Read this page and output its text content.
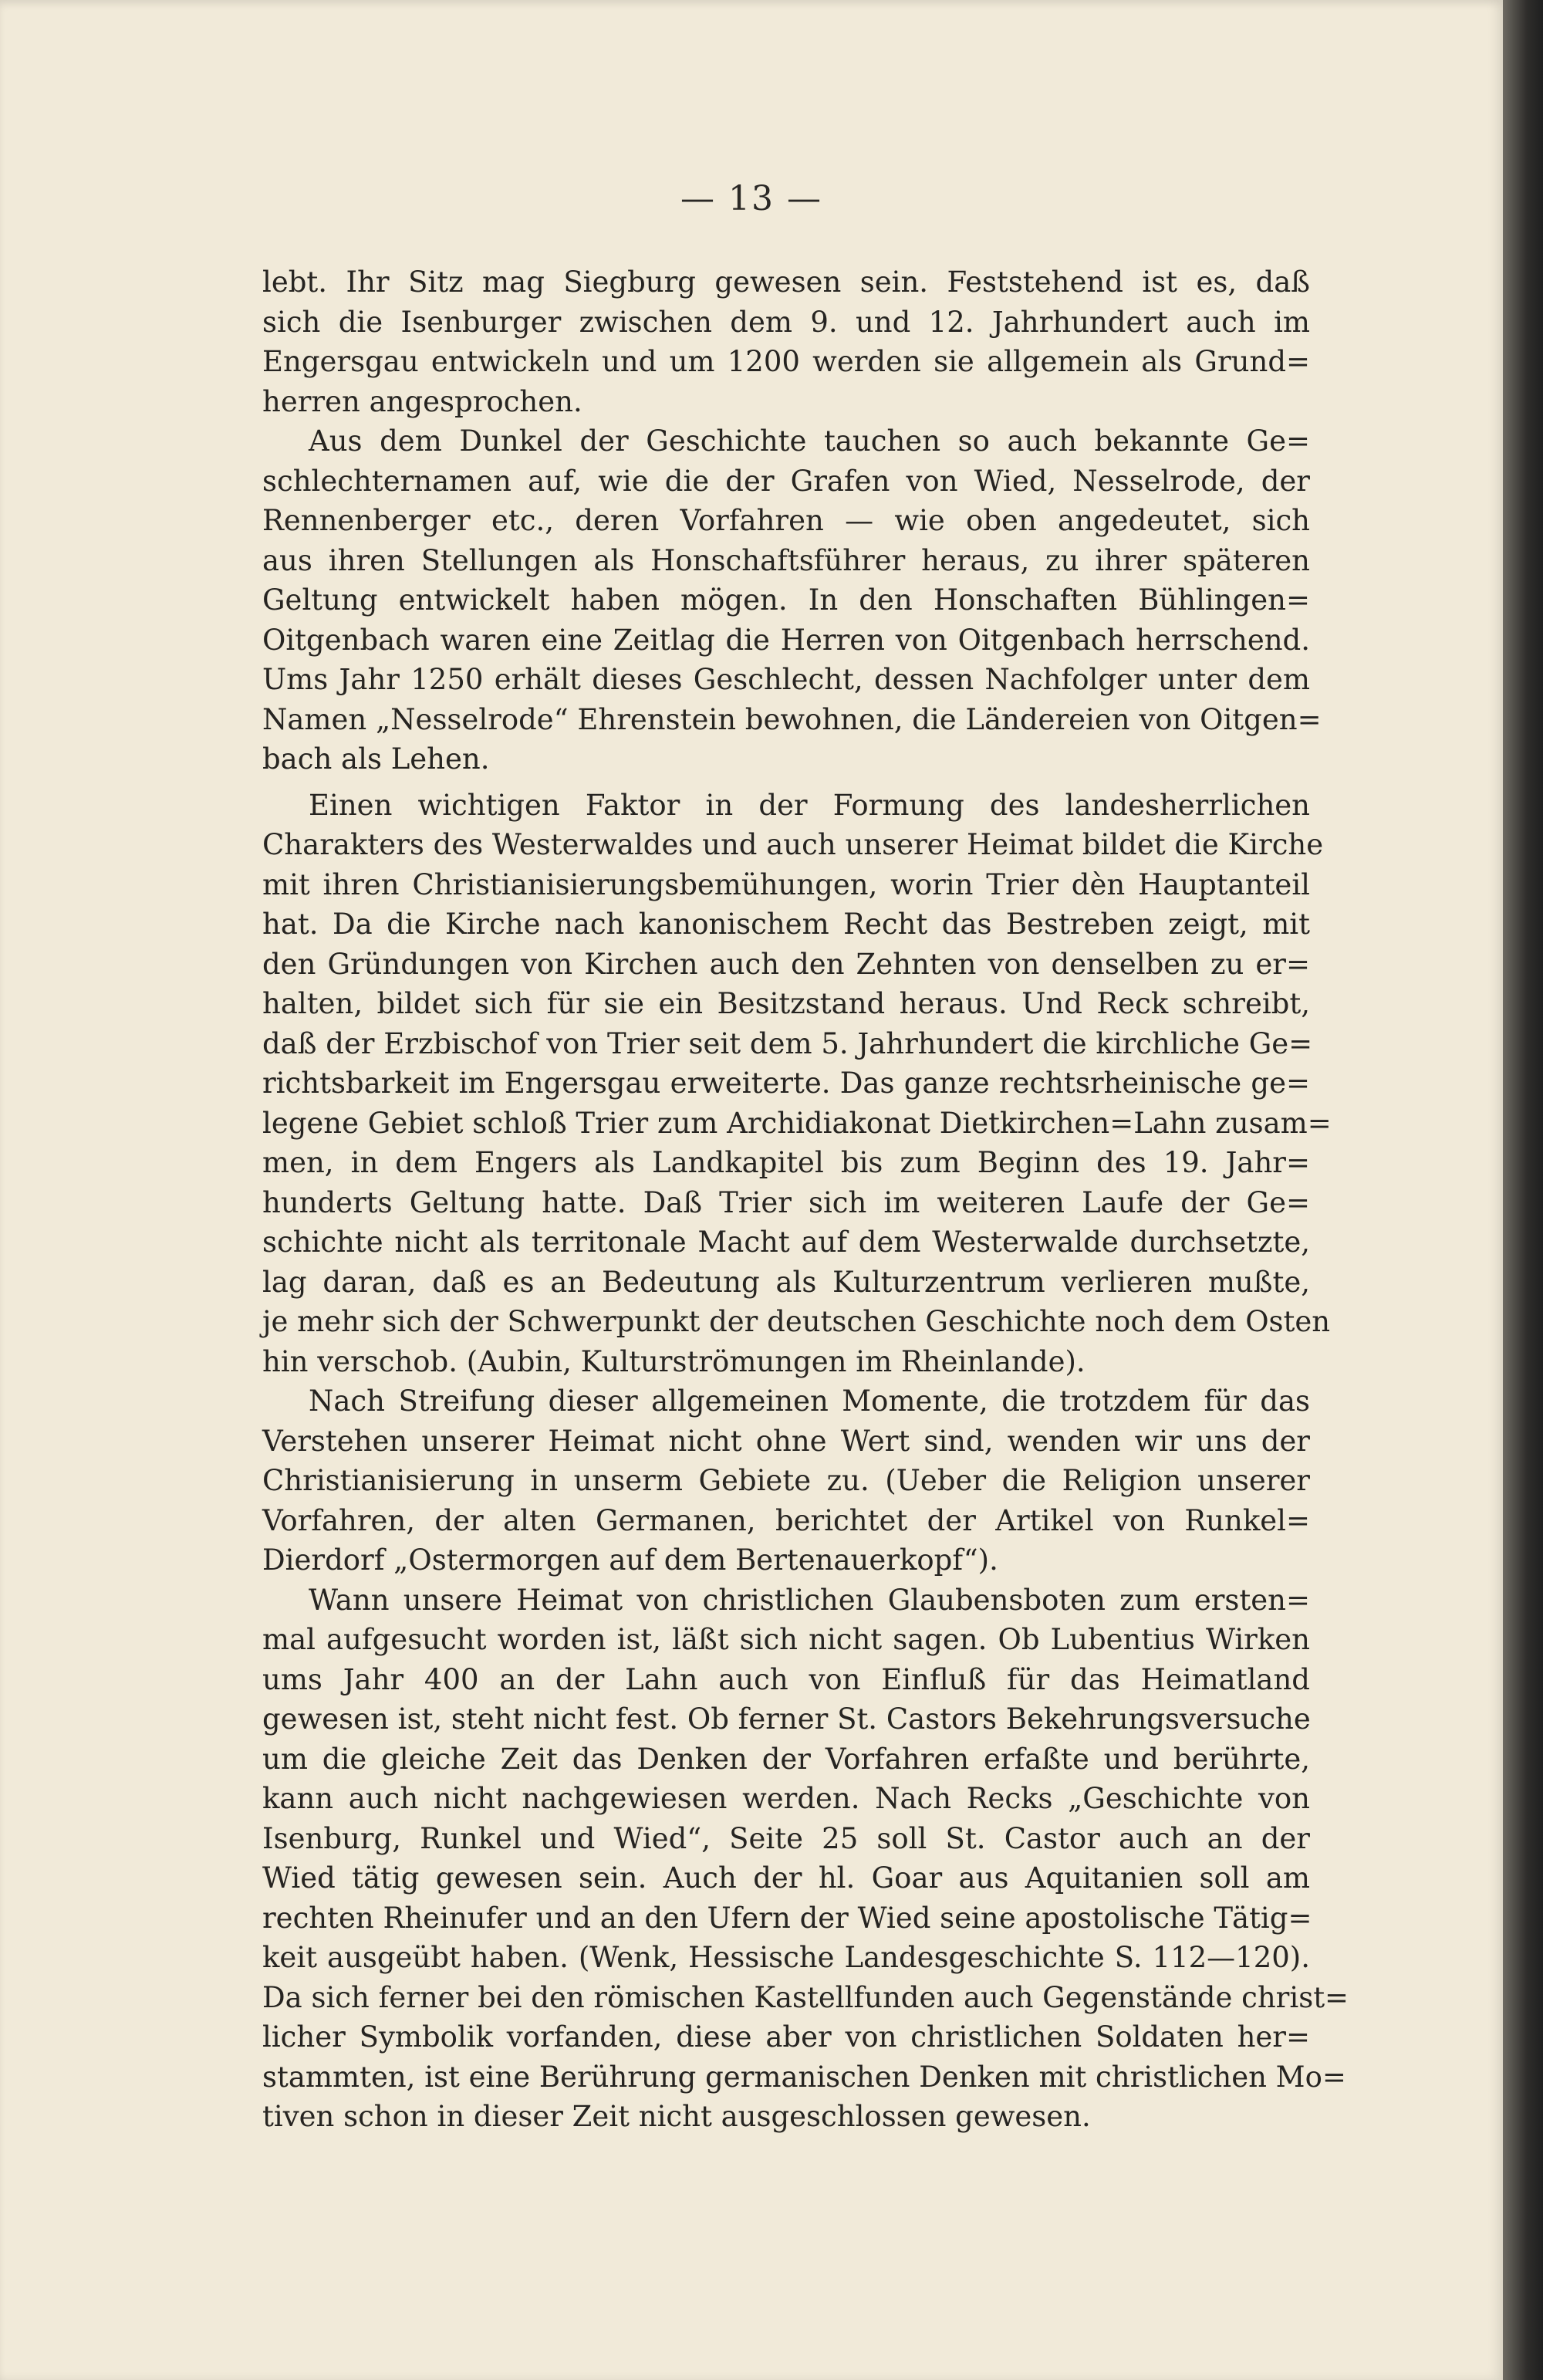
— 13 —
lebt. Ihr Sitz mag Siegburg gewesen sein. Feststehend ist es, daß
sich die Isenburger zwischen dem 9. und 12. Jahrhundert auch im
Engersgau entwickeln und um 1200 werden sie allgemein als Grund=
herren angesprochen.
Aus dem Dunkel der Geschichte tauchen so auch bekannte Ge=
schlechternamen auf, wie die der Grafen von Wied, Nesselrode, der
Rennenberger etc., deren Vorfahren — wie oben angedeutet, sich
aus ihren Stellungen als Honschaftsführer heraus, zu ihrer späteren
Geltung entwickelt haben mögen. In den Honschaften Bühlingen=
Oitgenbach waren eine Zeitlag die Herren von Oitgenbach herrschend.
Ums Jahr 1250 erhält dieses Geschlecht, dessen Nachfolger unter dem
Namen „Nesselrode“ Ehrenstein bewohnen, die Ländereien von Oitgen=
bach als Lehen.
Einen wichtigen Faktor in der Formung des landesherrlichen
Charakters des Westerwaldes und auch unserer Heimat bildet die Kirche
mit ihren Christianisierungsbemühungen, worin Trier dèn Hauptanteil
hat. Da die Kirche nach kanonischem Recht das Bestreben zeigt, mit
den Gründungen von Kirchen auch den Zehnten von denselben zu er=
halten, bildet sich für sie ein Besitzstand heraus. Und Reck schreibt,
daß der Erzbischof von Trier seit dem 5. Jahrhundert die kirchliche Ge=
richtsbarkeit im Engersgau erweiterte. Das ganze rechtsrheinische ge=
legene Gebiet schloß Trier zum Archidiakonat Dietkirchen=Lahn zusam=
men, in dem Engers als Landkapitel bis zum Beginn des 19. Jahr=
hunderts Geltung hatte. Daß Trier sich im weiteren Laufe der Ge=
schichte nicht als territonale Macht auf dem Westerwalde durchsetzte,
lag daran, daß es an Bedeutung als Kulturzentrum verlieren mußte,
je mehr sich der Schwerpunkt der deutschen Geschichte noch dem Osten
hin verschob. (Aubin, Kulturströmungen im Rheinlande).
Nach Streifung dieser allgemeinen Momente, die trotzdem für das
Verstehen unserer Heimat nicht ohne Wert sind, wenden wir uns der
Christianisierung in unserm Gebiete zu. (Ueber die Religion unserer
Vorfahren, der alten Germanen, berichtet der Artikel von Runkel=
Dierdorf „Ostermorgen auf dem Bertenauerkopf“).
Wann unsere Heimat von christlichen Glaubensboten zum ersten=
mal aufgesucht worden ist, läßt sich nicht sagen. Ob Lubentius Wirken
ums Jahr 400 an der Lahn auch von Einfluß für das Heimatland
gewesen ist, steht nicht fest. Ob ferner St. Castors Bekehrungsversuche
um die gleiche Zeit das Denken der Vorfahren erfaßte und berührte,
kann auch nicht nachgewiesen werden. Nach Recks „Geschichte von
Isenburg, Runkel und Wied“, Seite 25 soll St. Castor auch an der
Wied tätig gewesen sein. Auch der hl. Goar aus Aquitanien soll am
rechten Rheinufer und an den Ufern der Wied seine apostolische Tätig=
keit ausgeübt haben. (Wenk, Hessische Landesgeschichte S. 112—120).
Da sich ferner bei den römischen Kastellfunden auch Gegenstände christ=
licher Symbolik vorfanden, diese aber von christlichen Soldaten her=
stammten, ist eine Berührung germanischen Denken mit christlichen Mo=
tiven schon in dieser Zeit nicht ausgeschlossen gewesen.
